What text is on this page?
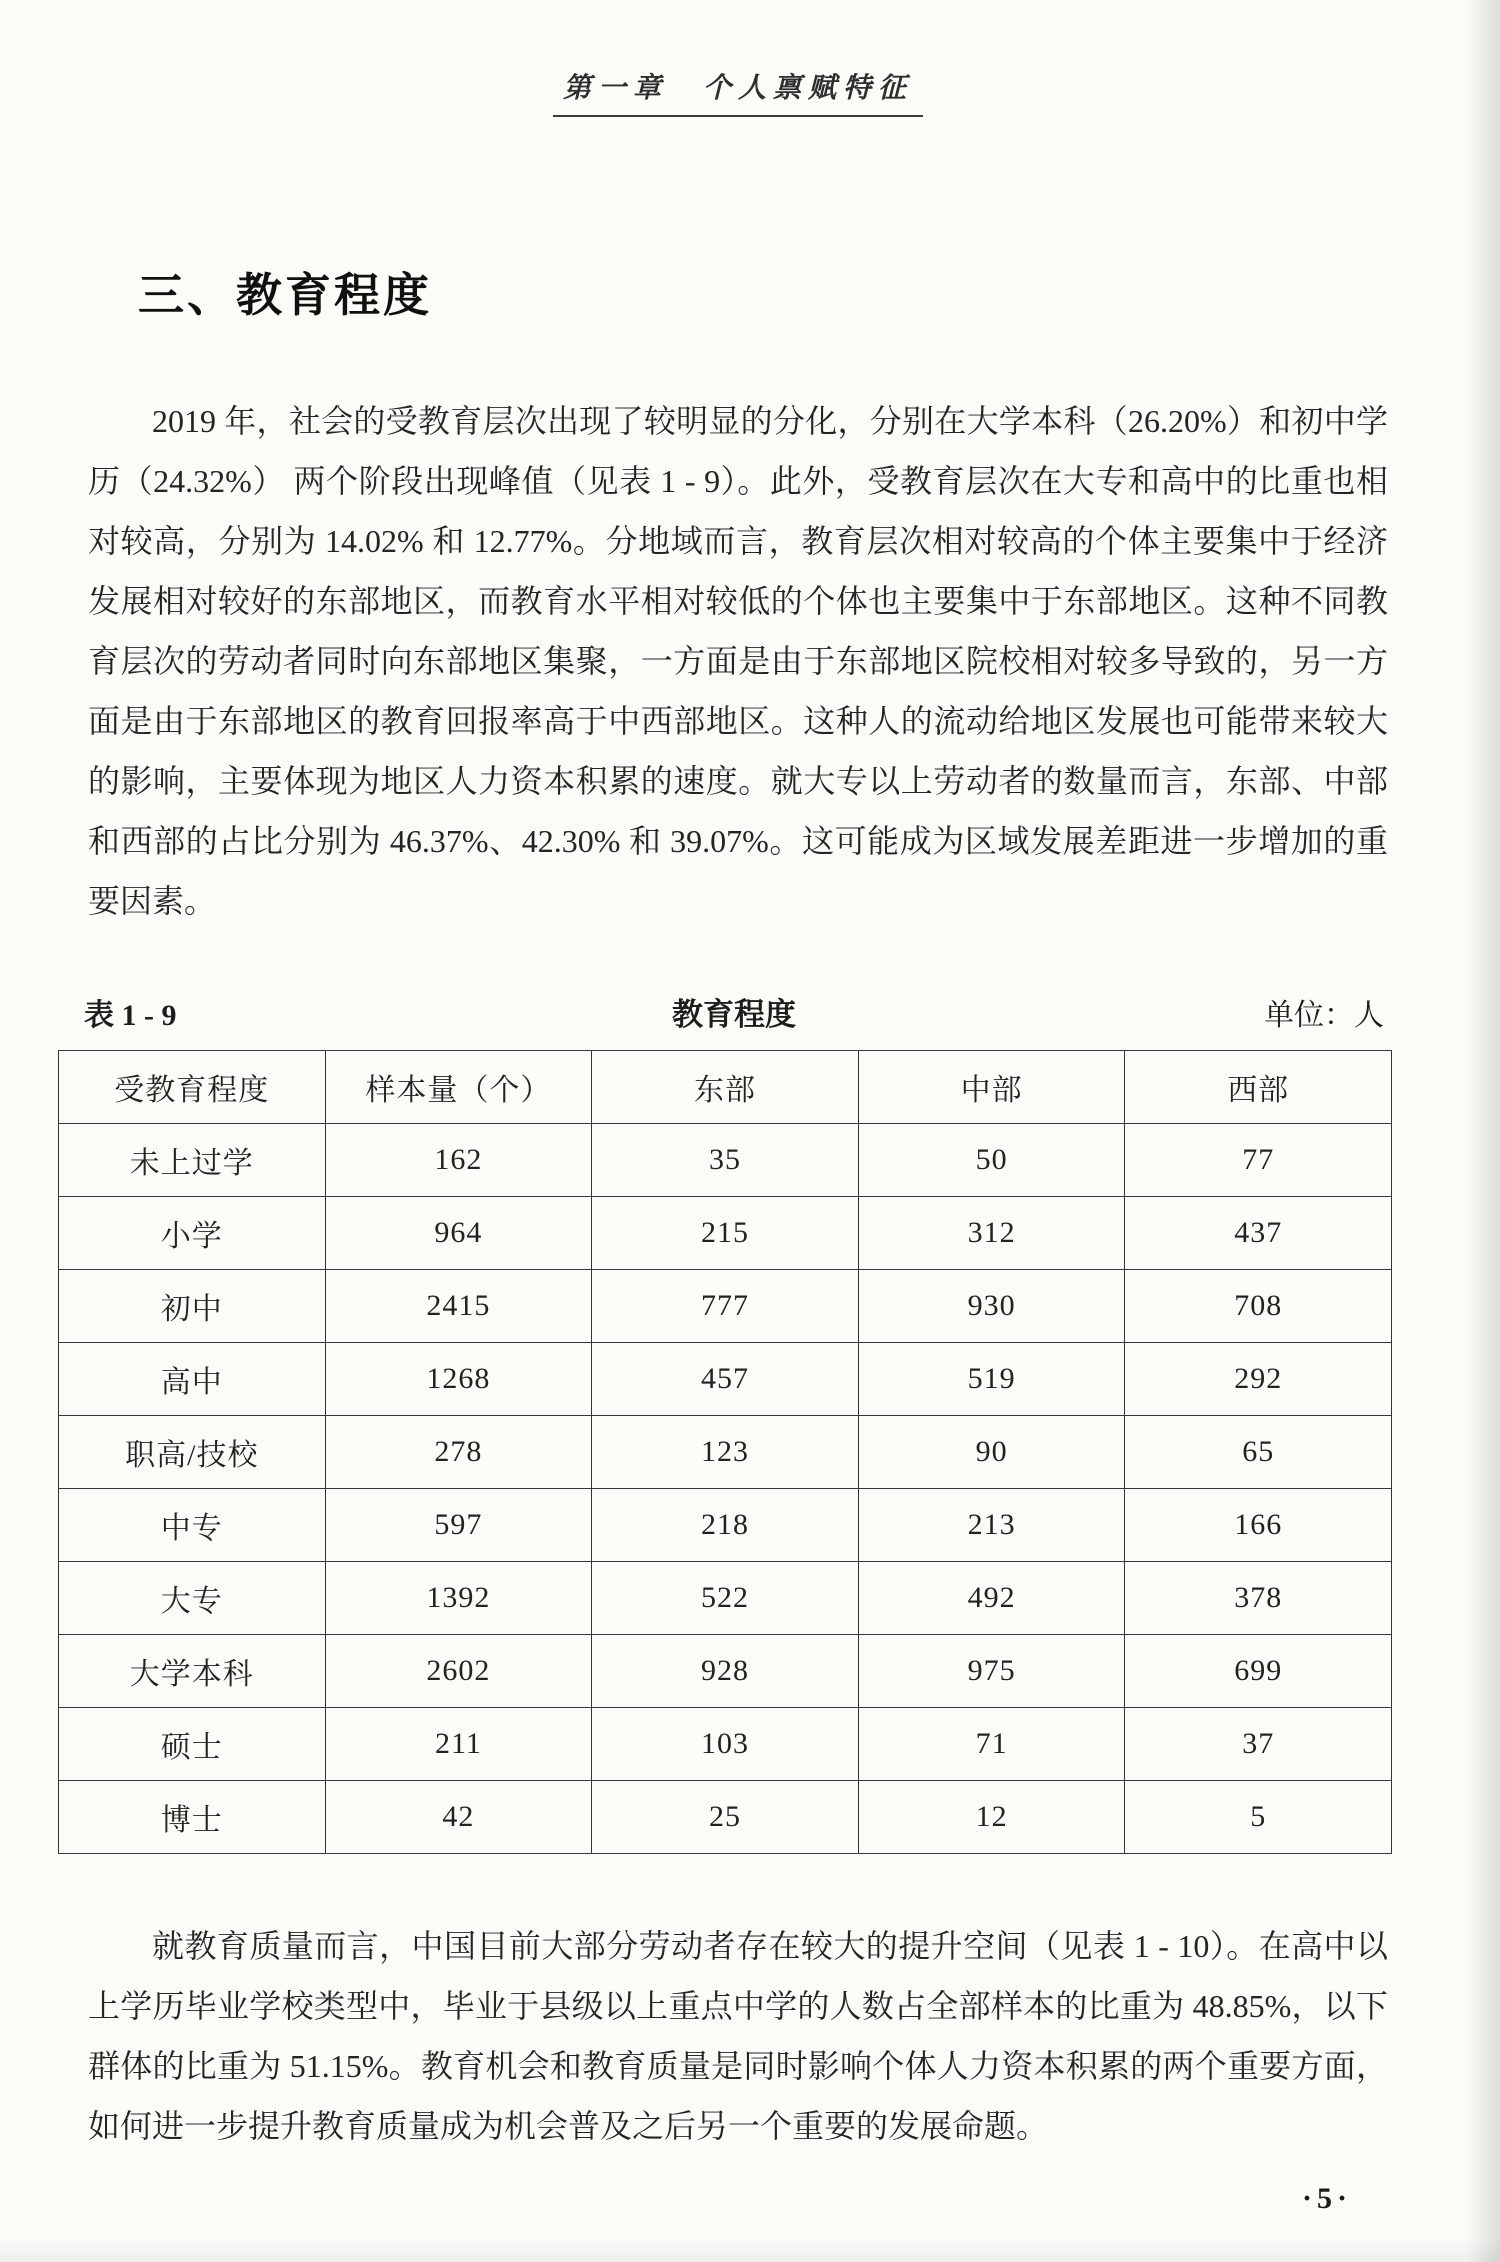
第一章　个人禀赋特征
三、教育程度

2019 年，社会的受教育层次出现了较明显的分化，分别在大学本科（26.20%）和初中学历（24.32%） 两个阶段出现峰值（见表 1 - 9）。此外，受教育层次在大专和高中的比重也相对较高，分别为 14.02% 和 12.77%。分地域而言，教育层次相对较高的个体主要集中于经济发展相对较好的东部地区，而教育水平相对较低的个体也主要集中于东部地区。这种不同教育层次的劳动者同时向东部地区集聚，一方面是由于东部地区院校相对较多导致的，另一方面是由于东部地区的教育回报率高于中西部地区。这种人的流动给地区发展也可能带来较大的影响，主要体现为地区人力资本积累的速度。就大专以上劳动者的数量而言，东部、中部和西部的占比分别为 46.37%、42.30% 和 39.07%。这可能成为区域发展差距进一步增加的重要因素。

表 1 - 9	教育程度	单位：人
受教育程度	样本量（个）	东部	中部	西部
未上过学	162	35	50	77
小学	964	215	312	437
初中	2415	777	930	708
高中	1268	457	519	292
职高/技校	278	123	90	65
中专	597	218	213	166
大专	1392	522	492	378
大学本科	2602	928	975	699
硕士	211	103	71	37
博士	42	25	12	5

就教育质量而言，中国目前大部分劳动者存在较大的提升空间（见表 1 - 10）。在高中以上学历毕业学校类型中，毕业于县级以上重点中学的人数占全部样本的比重为 48.85%，以下群体的比重为 51.15%。教育机会和教育质量是同时影响个体人力资本积累的两个重要方面，如何进一步提升教育质量成为机会普及之后另一个重要的发展命题。

·5·
